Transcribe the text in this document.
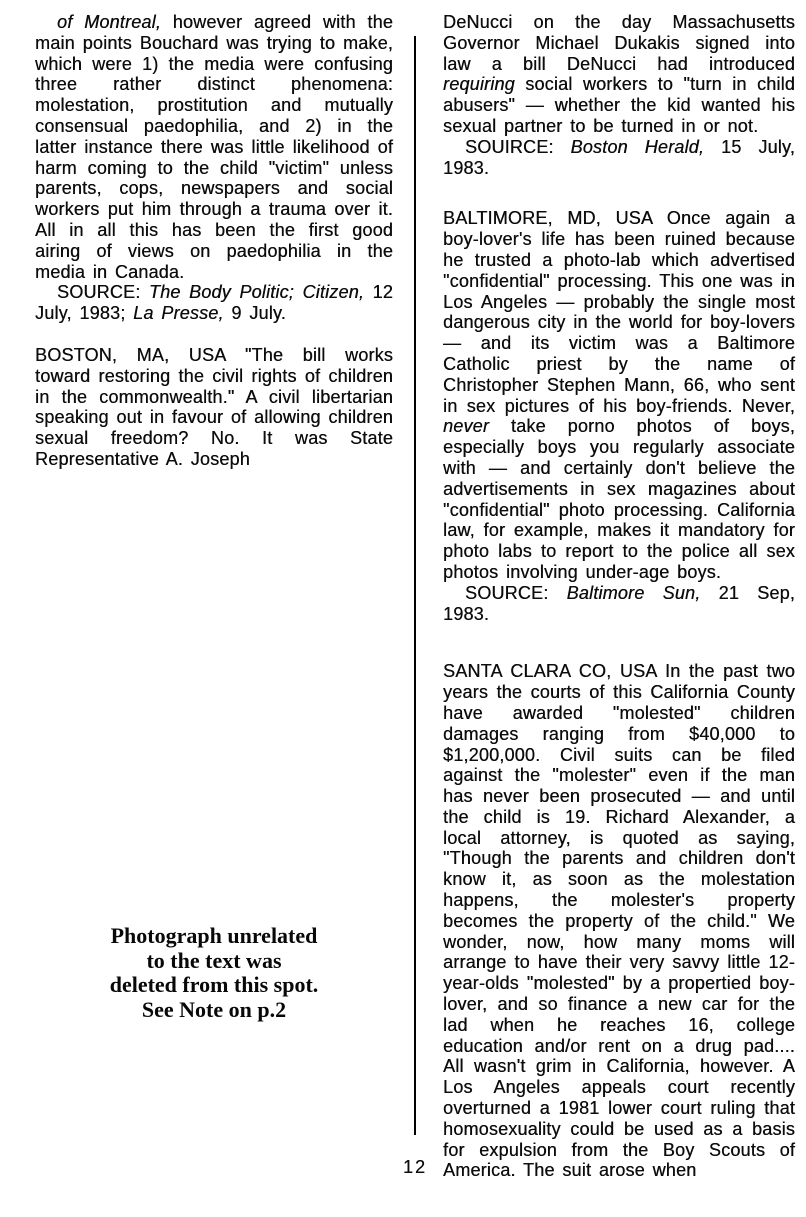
of Montreal, however agreed with the main points Bouchard was trying to make, which were 1) the media were confusing three rather distinct phenomena: molestation, prostitution and mutually consensual paedophilia, and 2) in the latter instance there was little likelihood of harm coming to the child "victim" unless parents, cops, newspapers and social workers put him through a trauma over it. All in all this has been the first good airing of views on paedophilia in the media in Canada.

SOURCE: The Body Politic; Citizen, 12 July, 1983; La Presse, 9 July.

BOSTON, MA, USA "The bill works toward restoring the civil rights of children in the commonwealth." A civil libertarian speaking out in favour of allowing children sexual freedom? No. It was State Representative A. Joseph

Photograph unrelated
to the text was
deleted from this spot.
See Note on p.2

DeNucci on the day Massachusetts Governor Michael Dukakis signed into law a bill DeNucci had introduced requiring social workers to "turn in child abusers" — whether the kid wanted his sexual partner to be turned in or not.

SOUIRCE: Boston Herald, 15 July, 1983.

BALTIMORE, MD, USA Once again a boy-lover's life has been ruined because he trusted a photo-lab which advertised "confidential" processing. This one was in Los Angeles — probably the single most dangerous city in the world for boy-lovers — and its victim was a Baltimore Catholic priest by the name of Christopher Stephen Mann, 66, who sent in sex pictures of his boy-friends. Never, never take porno photos of boys, especially boys you regularly associate with — and certainly don't believe the advertisements in sex magazines about "confidential" photo processing. California law, for example, makes it mandatory for photo labs to report to the police all sex photos involving under-age boys.

SOURCE: Baltimore Sun, 21 Sep, 1983.

SANTA CLARA CO, USA In the past two years the courts of this California County have awarded "molested" children damages ranging from $40,000 to $1,200,000. Civil suits can be filed against the "molester" even if the man has never been prosecuted — and until the child is 19. Richard Alexander, a local attorney, is quoted as saying, "Though the parents and children don't know it, as soon as the molestation happens, the molester's property becomes the property of the child." We wonder, now, how many moms will arrange to have their very savvy little 12-year-olds "molested" by a propertied boy-lover, and so finance a new car for the lad when he reaches 16, college education and/or rent on a drug pad.... All wasn't grim in California, however. A Los Angeles appeals court recently overturned a 1981 lower court ruling that homosexuality could be used as a basis for expulsion from the Boy Scouts of America. The suit arose when

12
